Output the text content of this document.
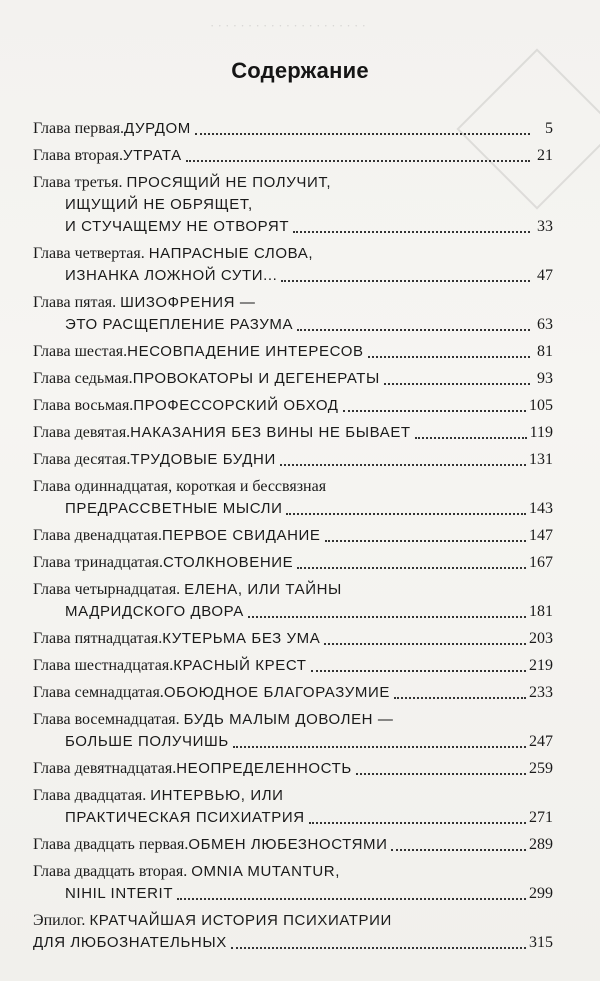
· · · · · · · · · · · · · · · · · · · · ·
Содержание
Глава первая. ДУРДОМ	5
Глава вторая. УТРАТА	21
Глава третья. ПРОСЯЩИЙ НЕ ПОЛУЧИТ,
ИЩУЩИЙ НЕ ОБРЯЩЕТ,
И СТУЧАЩЕМУ НЕ ОТВОРЯТ	33
Глава четвертая. НАПРАСНЫЕ СЛОВА,
ИЗНАНКА ЛОЖНОЙ СУТИ...	47
Глава пятая. ШИЗОФРЕНИЯ —
ЭТО РАСЩЕПЛЕНИЕ РАЗУМА	63
Глава шестая. НЕСОВПАДЕНИЕ ИНТЕРЕСОВ	81
Глава седьмая. ПРОВОКАТОРЫ И ДЕГЕНЕРАТЫ	93
Глава восьмая. ПРОФЕССОРСКИЙ ОБХОД	105
Глава девятая. НАКАЗАНИЯ БЕЗ ВИНЫ НЕ БЫВАЕТ	119
Глава десятая. ТРУДОВЫЕ БУДНИ	131
Глава одиннадцатая, короткая и бессвязная
ПРЕДРАССВЕТНЫЕ МЫСЛИ	143
Глава двенадцатая. ПЕРВОЕ СВИДАНИЕ	147
Глава тринадцатая. СТОЛКНОВЕНИЕ	167
Глава четырнадцатая. ЕЛЕНА, ИЛИ ТАЙНЫ
МАДРИДСКОГО ДВОРА	181
Глава пятнадцатая. КУТЕРЬМА БЕЗ УМА	203
Глава шестнадцатая. КРАСНЫЙ КРЕСТ	219
Глава семнадцатая. ОБОЮДНОЕ БЛАГОРАЗУМИЕ	233
Глава восемнадцатая. БУДЬ МАЛЫМ ДОВОЛЕН —
БОЛЬШЕ ПОЛУЧИШЬ	247
Глава девятнадцатая. НЕОПРЕДЕЛЕННОСТЬ	259
Глава двадцатая. ИНТЕРВЬЮ, ИЛИ
ПРАКТИЧЕСКАЯ ПСИХИАТРИЯ	271
Глава двадцать первая. ОБМЕН ЛЮБЕЗНОСТЯМИ	289
Глава двадцать вторая. OMNIA MUTANTUR,
NIHIL INTERIT	299
Эпилог. КРАТЧАЙШАЯ ИСТОРИЯ ПСИХИАТРИИ
ДЛЯ ЛЮБОЗНАТЕЛЬНЫХ	315
